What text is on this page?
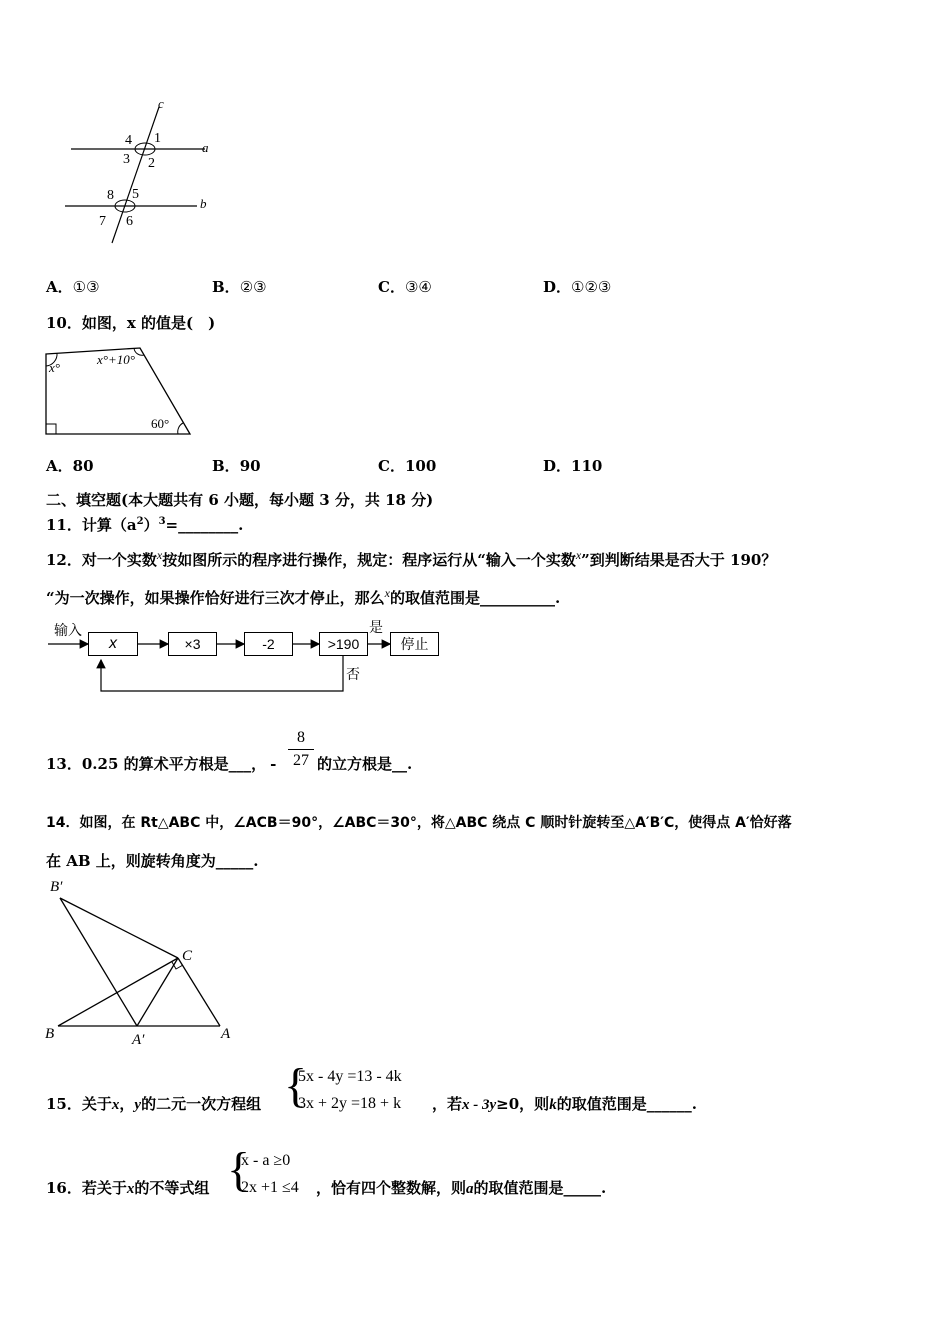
c
a
b
4 1
3 2
8 5
7 6
A．①③	B．②③	C．③④	D．①②③
10．如图，x 的值是(　)
x°
x°+10°
60°
A．80	B．90	C．100	D．110
二、填空题(本大题共有 6 小题，每小题 3 分，共 18 分)
11．计算$(a^2)^3=\_\_\_\_\_\_\_\_$.
12．对一个实数$^x$按如图所示的程序进行操作，规定：程序运行从“输入一个实数$^x$”到判断结果是否大于 190？
“为一次操作，如果操作恰好进行三次才停止，那么$^x$的取值范围是__________.
输入
x	×3	-2	>190	停止
是
否
13．0.25 的算术平方根是___， -
8
27 的立方根是__.
14．如图，在 Rt△ABC 中，∠ACB＝90°，∠ABC＝30°，将△ABC 绕点 C 顺时针旋转至△A′B′C，使得点 A′恰好落
在 AB 上，则旋转角度为_____.
B′
C
B	A′	A
15．关于x，y的二元一次方程组 {
5x - 4y =13 - 4k
3x + 2y =18 + k ，若x - 3y≥0，则k的取值范围是______.
16．若关于x的不等式组 {
x - a ≥0
2x +1 ≤4 ，恰有四个整数解，则a的取值范围是_____.
